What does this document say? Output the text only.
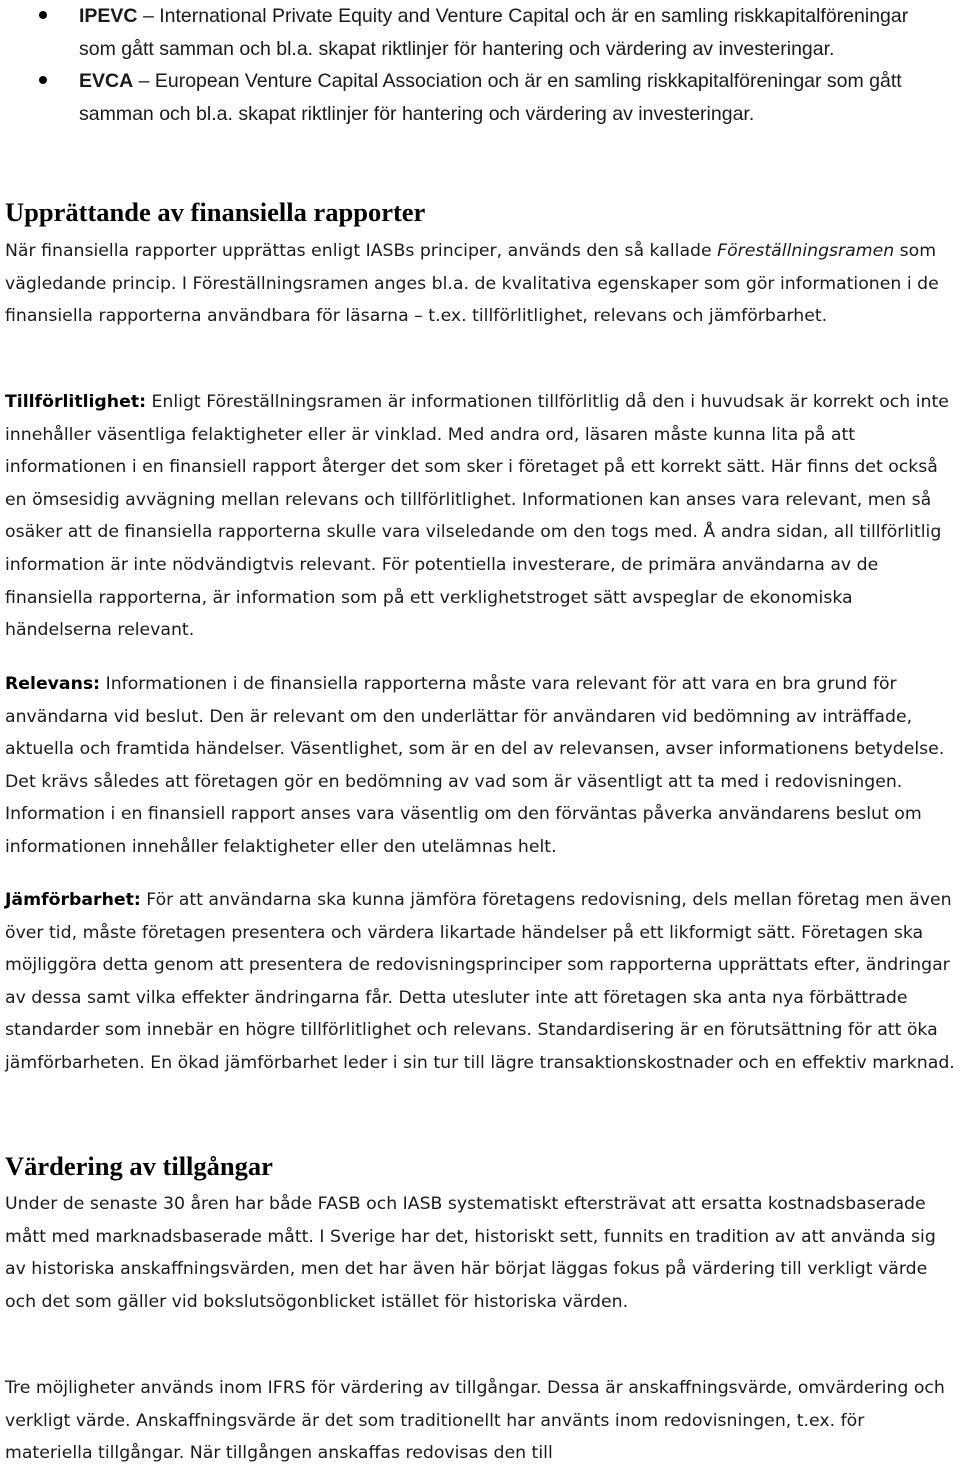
IPEVC – International Private Equity and Venture Capital och är en samling riskkapitalföreningar som gått samman och bl.a. skapat riktlinjer för hantering och värdering av investeringar.
EVCA – European Venture Capital Association och är en samling riskkapitalföreningar som gått samman och bl.a. skapat riktlinjer för hantering och värdering av investeringar.
Upprättande av finansiella rapporter

När finansiella rapporter upprättas enligt IASBs principer, används den så kallade Föreställningsramen som vägledande princip. I Föreställningsramen anges bl.a. de kvalitativa egenskaper som gör informationen i de finansiella rapporterna användbara för läsarna – t.ex. tillförlitlighet, relevans och jämförbarhet.

Tillförlitlighet: Enligt Föreställningsramen är informationen tillförlitlig då den i huvudsak är korrekt och inte innehåller väsentliga felaktigheter eller är vinklad. Med andra ord, läsaren måste kunna lita på att informationen i en finansiell rapport återger det som sker i företaget på ett korrekt sätt. Här finns det också en ömsesidig avvägning mellan relevans och tillförlitlighet. Informationen kan anses vara relevant, men så osäker att de finansiella rapporterna skulle vara vilseledande om den togs med. Å andra sidan, all tillförlitlig information är inte nödvändigtvis relevant. För potentiella investerare, de primära användarna av de finansiella rapporterna, är information som på ett verklighetstroget sätt avspeglar de ekonomiska händelserna relevant.

Relevans: Informationen i de finansiella rapporterna måste vara relevant för att vara en bra grund för användarna vid beslut. Den är relevant om den underlättar för användaren vid bedömning av inträffade, aktuella och framtida händelser. Väsentlighet, som är en del av relevansen, avser informationens betydelse. Det krävs således att företagen gör en bedömning av vad som är väsentligt att ta med i redovisningen. Information i en finansiell rapport anses vara väsentlig om den förväntas påverka användarens beslut om informationen innehåller felaktigheter eller den utelämnas helt.

Jämförbarhet: För att användarna ska kunna jämföra företagens redovisning, dels mellan företag men även över tid, måste företagen presentera och värdera likartade händelser på ett likformigt sätt. Företagen ska möjliggöra detta genom att presentera de redovisningsprinciper som rapporterna upprättats efter, ändringar av dessa samt vilka effekter ändringarna får. Detta utesluter inte att företagen ska anta nya förbättrade standarder som innebär en högre tillförlitlighet och relevans. Standardisering är en förutsättning för att öka jämförbarheten. En ökad jämförbarhet leder i sin tur till lägre transaktionskostnader och en effektiv marknad.

Värdering av tillgångar

Under de senaste 30 åren har både FASB och IASB systematiskt eftersträvat att ersatta kostnadsbaserade mått med marknadsbaserade mått. I Sverige har det, historiskt sett, funnits en tradition av att använda sig av historiska anskaffningsvärden, men det har även här börjat läggas fokus på värdering till verkligt värde och det som gäller vid bokslutsögonblicket istället för historiska värden.

Tre möjligheter används inom IFRS för värdering av tillgångar. Dessa är anskaffningsvärde, omvärdering och verkligt värde. Anskaffningsvärde är det som traditionellt har använts inom redovisningen, t.ex. för materiella tillgångar. När tillgången anskaffas redovisas den till
